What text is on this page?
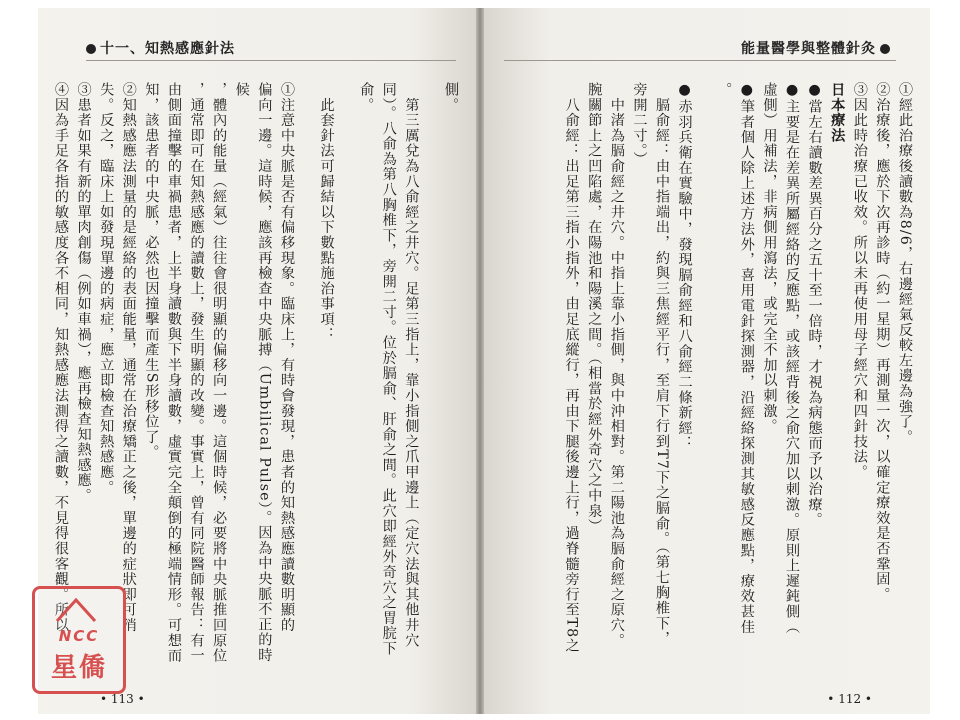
十一、知熱感應針法

側。

　第三厲兌為八俞經之井穴。足第三指上，靠小指側之爪甲邊上（定穴法與其他井穴

同）。八俞為第八胸椎下，旁開二寸。位於膈俞、肝俞之間。此穴即經外奇穴之胃脘下

俞。

　此套針法可歸結以下數點施治事項：

①注意中央脈是否有偏移現象。臨床上，有時會發現，患者的知熱感應讀數明顯的

偏向一邊。這時候，應該再檢查中央脈搏（Umbilical Pulse）。因為中央脈不正的時候

，體內的能量（經氣）往往會很明顯的偏移向一邊。這個時候，必要將中央脈推回原位

，通常即可在知熱感應的讀數上，發生明顯的改變。事實上，曾有同院醫師報告：有一

由側面撞擊的車禍患者，上半身讀數與下半身讀數，虛實完全顛倒的極端情形。可想而

知，該患者的中央脈，必然也因撞擊而產生S形移位了。

②知熱感應法測量的是經絡的表面能量，通常在治療矯正之後，單邊的症狀即可消

失。反之，臨床上如發現單邊的病症，應立即檢查知熱感應。

③患者如果有新的單肉創傷（例如車禍），應再檢查知熱感應。

④因為手足各指的敏感度各不相同，知熱感應法測得之讀數，不見得很客觀。所以

• 113 •
能量醫學與整體針灸

①經此治療後讀數為8/6，右邊經氣反較左邊為強了。

②治療後，應於下次再診時（約一星期）再測量一次，以確定療效是否鞏固。

③因此時治療已收效。所以未再使用母子經穴和四針技法。

日本療法

●當左右讀數差異百分之五十至一倍時，才視為病態而予以治療。

●主要是在差異所屬經絡的反應點，或該經背後之俞穴加以刺激。原則上遲鈍側（

虛側）用補法，非病側用瀉法，或完全不加以刺激。

●筆者個人除上述方法外，喜用電針探測器，沿經絡探測其敏感反應點，療效甚佳

。

●赤羽兵衛在實驗中，發現膈俞經和八俞經二條新經：

　膈俞經：由中指端出，約與三焦經平行，至肩下行到T7下之膈俞。（第七胸椎下，

旁開二寸。）

　中渚為膈俞經之井穴。中指上靠小指側，與中沖相對。第二陽池為膈俞經之原穴。

腕關節上之凹陷處，在陽池和陽溪之間。（相當於經外奇穴之中泉）

　八俞經：出足第三指小指外，由足底縱行，再由下腿後邊上行，過脊髓旁行至T8之

• 112 •
NCC
星僑
